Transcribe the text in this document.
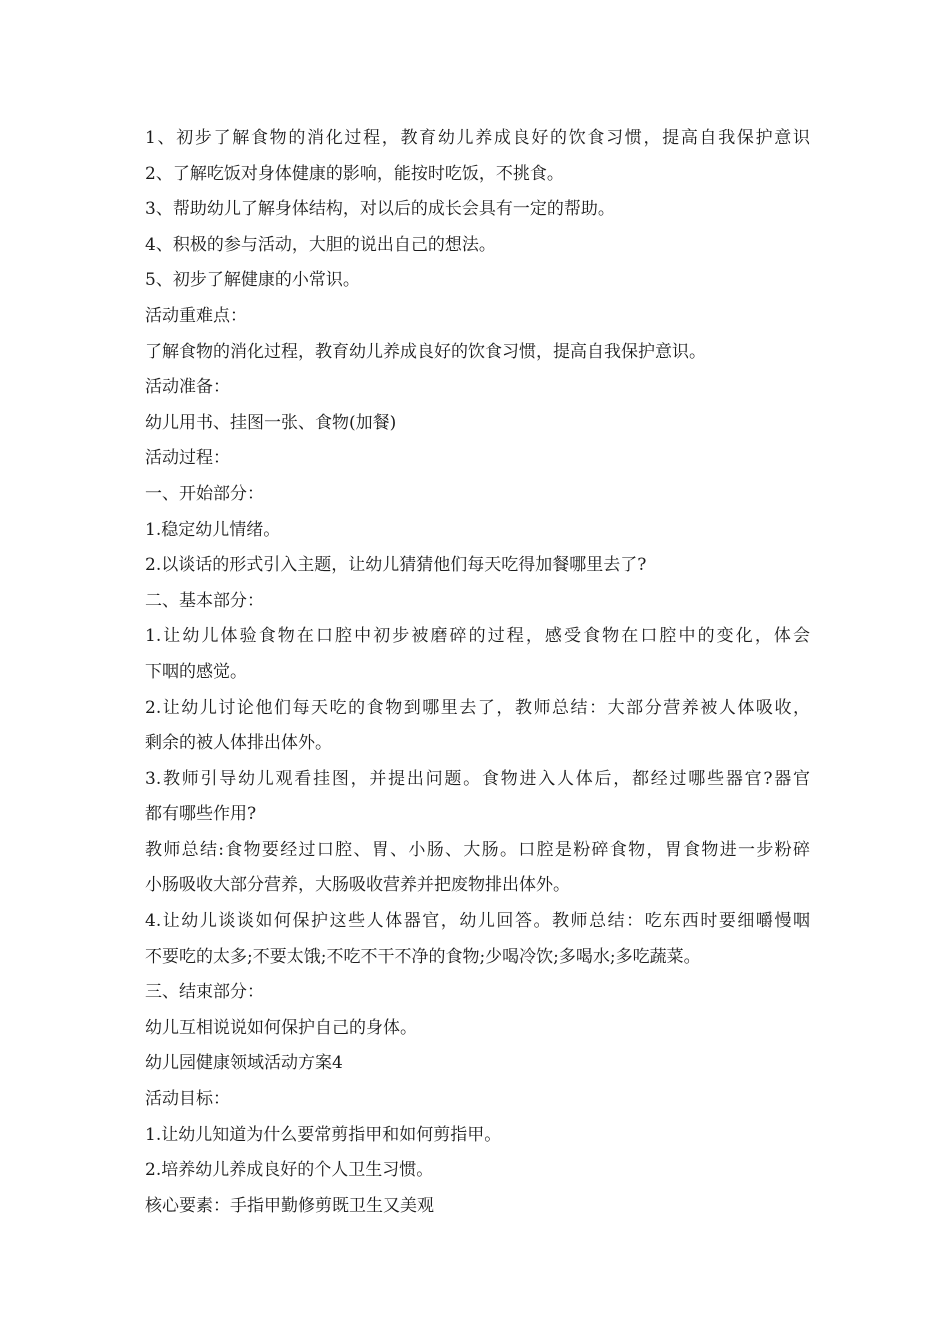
1、初步了解食物的消化过程，教育幼儿养成良好的饮食习惯，提高自我保护意识
2、了解吃饭对身体健康的影响，能按时吃饭，不挑食。
3、帮助幼儿了解身体结构，对以后的成长会具有一定的帮助。
4、积极的参与活动，大胆的说出自己的想法。
5、初步了解健康的小常识。
活动重难点：
了解食物的消化过程，教育幼儿养成良好的饮食习惯，提高自我保护意识。
活动准备：
幼儿用书、挂图一张、食物(加餐)
活动过程：
一、开始部分：
1.稳定幼儿情绪。
2.以谈话的形式引入主题，让幼儿猜猜他们每天吃得加餐哪里去了?
二、基本部分：
1.让幼儿体验食物在口腔中初步被磨碎的过程，感受食物在口腔中的变化，体会
下咽的感觉。
2.让幼儿讨论他们每天吃的食物到哪里去了，教师总结：大部分营养被人体吸收，
剩余的被人体排出体外。
3.教师引导幼儿观看挂图，并提出问题。食物进入人体后，都经过哪些器官?器官
都有哪些作用?
教师总结:食物要经过口腔、胃、小肠、大肠。口腔是粉碎食物，胃食物进一步粉碎
小肠吸收大部分营养，大肠吸收营养并把废物排出体外。
4.让幼儿谈谈如何保护这些人体器官，幼儿回答。教师总结：吃东西时要细嚼慢咽
不要吃的太多;不要太饿;不吃不干不净的食物;少喝冷饮;多喝水;多吃蔬菜。
三、结束部分：
幼儿互相说说如何保护自己的身体。
幼儿园健康领域活动方案4
活动目标：
1.让幼儿知道为什么要常剪指甲和如何剪指甲。
2.培养幼儿养成良好的个人卫生习惯。
核心要素：手指甲勤修剪既卫生又美观
